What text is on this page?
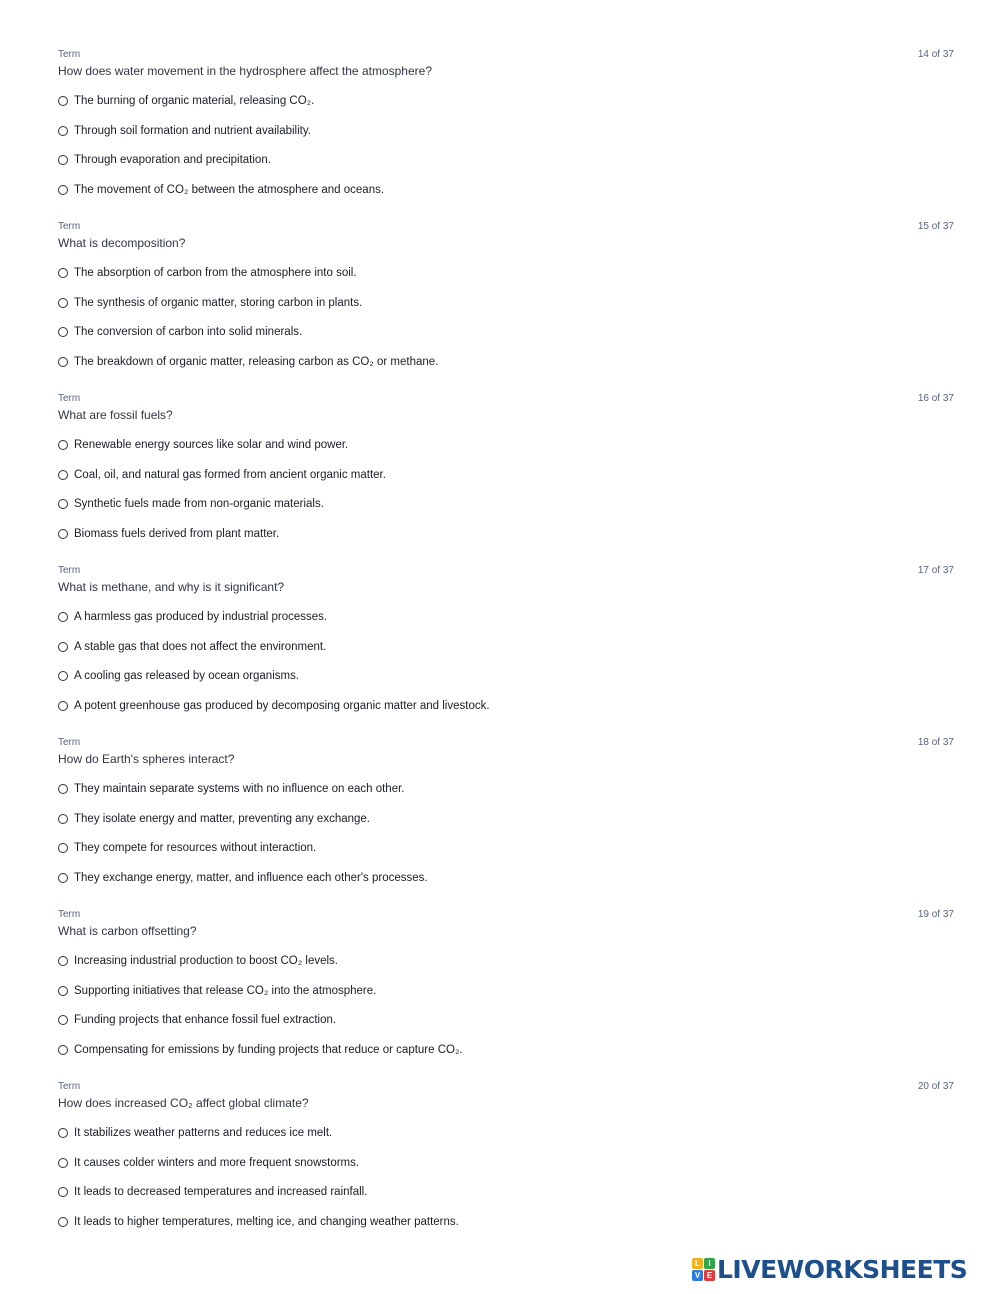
Term	14 of 37
How does water movement in the hydrosphere affect the atmosphere?
The burning of organic material, releasing CO₂.
Through soil formation and nutrient availability.
Through evaporation and precipitation.
The movement of CO₂ between the atmosphere and oceans.
Term	15 of 37
What is decomposition?
The absorption of carbon from the atmosphere into soil.
The synthesis of organic matter, storing carbon in plants.
The conversion of carbon into solid minerals.
The breakdown of organic matter, releasing carbon as CO₂ or methane.
Term	16 of 37
What are fossil fuels?
Renewable energy sources like solar and wind power.
Coal, oil, and natural gas formed from ancient organic matter.
Synthetic fuels made from non-organic materials.
Biomass fuels derived from plant matter.
Term	17 of 37
What is methane, and why is it significant?
A harmless gas produced by industrial processes.
A stable gas that does not affect the environment.
A cooling gas released by ocean organisms.
A potent greenhouse gas produced by decomposing organic matter and livestock.
Term	18 of 37
How do Earth's spheres interact?
They maintain separate systems with no influence on each other.
They isolate energy and matter, preventing any exchange.
They compete for resources without interaction.
They exchange energy, matter, and influence each other's processes.
Term	19 of 37
What is carbon offsetting?
Increasing industrial production to boost CO₂ levels.
Supporting initiatives that release CO₂ into the atmosphere.
Funding projects that enhance fossil fuel extraction.
Compensating for emissions by funding projects that reduce or capture CO₂.
Term	20 of 37
How does increased CO₂ affect global climate?
It stabilizes weather patterns and reduces ice melt.
It causes colder winters and more frequent snowstorms.
It leads to decreased temperatures and increased rainfall.
It leads to higher temperatures, melting ice, and changing weather patterns.
L	I
V E LIVEWORKSHEETS
